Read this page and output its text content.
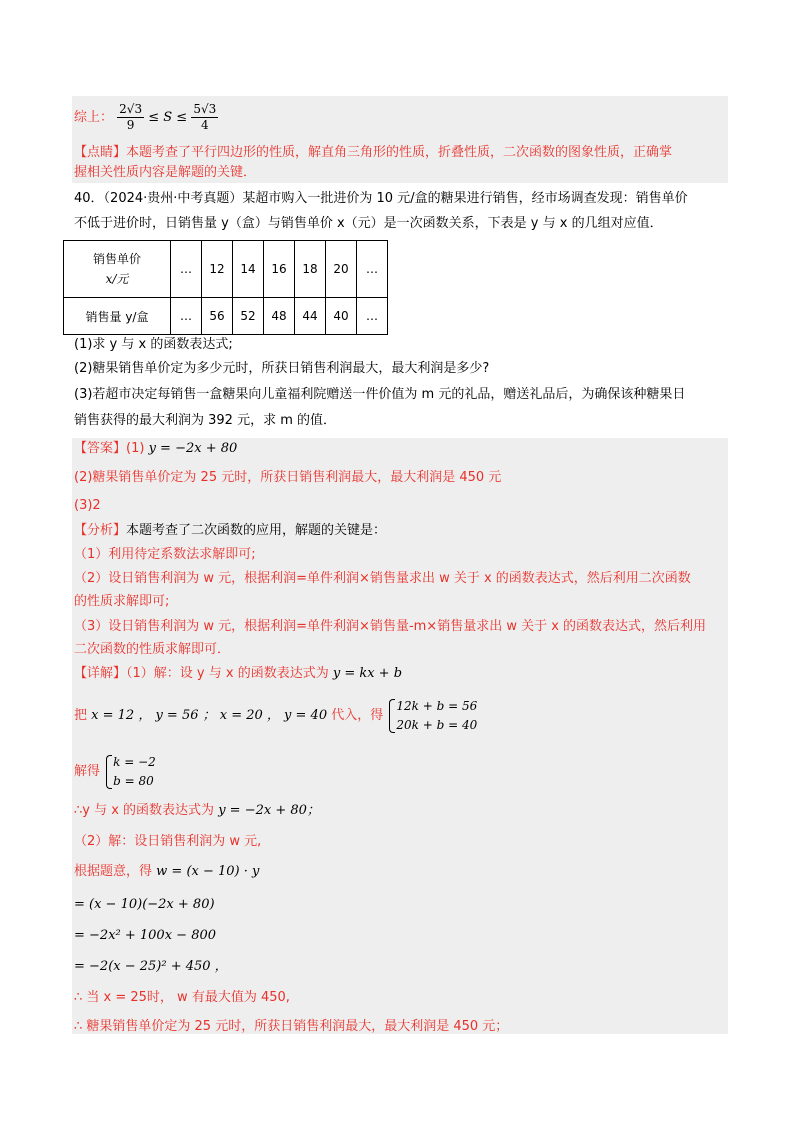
综上： $\frac{2√3}{9} \le S \le \frac{5√3}{4}$
【点睛】本题考查了平行四边形的性质，解直角三角形的性质，折叠性质，二次函数的图象性质，正确掌
握相关性质内容是解题的关键．
40．（2024·贵州·中考真题）某超市购入一批进价为 10 元/盒的糖果进行销售，经市场调查发现：销售单价
不低于进价时，日销售量 y（盒）与销售单价 x（元）是一次函数关系，下表是 y 与 x 的几组对应值．
销售单价
x/元	…	12	14	16	18	20	…
销售量 y/盒	…	56	52	48	44	40	…
(1)求 y 与 x 的函数表达式;
(2)糖果销售单价定为多少元时，所获日销售利润最大，最大利润是多少?
(3)若超市决定每销售一盒糖果向儿童福利院赠送一件价值为 m 元的礼品，赠送礼品后，为确保该种糖果日
销售获得的最大利润为 392 元，求 m 的值．
【答案】(1) y = −2x + 80
(2)糖果销售单价定为 25 元时，所获日销售利润最大，最大利润是 450 元
(3)2
【分析】本题考查了二次函数的应用，解题的关键是：
（1）利用待定系数法求解即可;
（2）设日销售利润为 w 元，根据利润=单件利润×销售量求出 w 关于 x 的函数表达式，然后利用二次函数
的性质求解即可;
（3）设日销售利润为 w 元，根据利润=单件利润×销售量-m×销售量求出 w 关于 x 的函数表达式，然后利用
二次函数的性质求解即可．
【详解】（1）解：设 y 与 x 的函数表达式为 y = kx + b
把 x = 12 ， y = 56 ； x = 20 ， y = 40 代入，得
12k + b = 56
20k + b = 40
解得
k = −2
b = 80
∴y 与 x 的函数表达式为 y = −2x + 80；
（2）解：设日销售利润为 w 元,
根据题意，得 w = (x − 10) · y
= (x − 10)(−2x + 80)
= −2x² + 100x − 800
= −2(x − 25)² + 450 ，
∴ 当 x = 25时， w 有最大值为 450,
∴ 糖果销售单价定为 25 元时，所获日销售利润最大，最大利润是 450 元；
